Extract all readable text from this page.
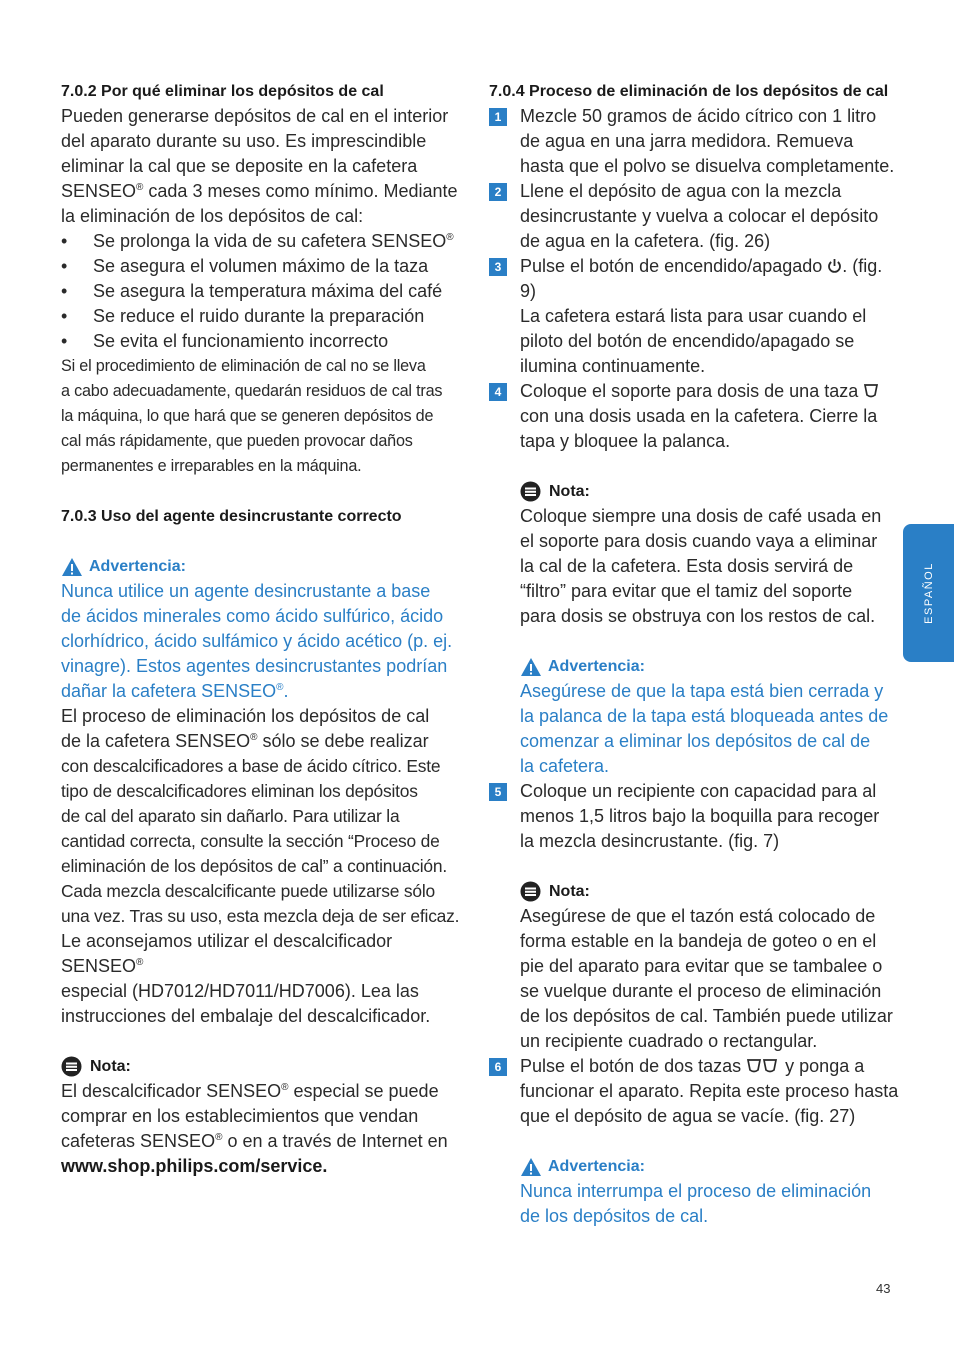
7.0.2 Por qué eliminar los depósitos de cal
Pueden generarse depósitos de cal en el interior
del aparato durante su uso. Es imprescindible
eliminar la cal que se deposite en la cafetera
SENSEO® cada 3 meses como mínimo. Mediante
la eliminación de los depósitos de cal:
•	Se prolonga la vida de su cafetera SENSEO®
•	Se asegura el volumen máximo de la taza
•	Se asegura la temperatura máxima del café
•	Se reduce el ruido durante la preparación
•	Se evita el funcionamiento incorrecto
Si el procedimiento de eliminación de cal no se lleva
a cabo adecuadamente, quedarán residuos de cal tras
la máquina, lo que hará que se generen depósitos de
cal más rápidamente, que pueden provocar daños
permanentes e irreparables en la máquina.
7.0.3 Uso del agente desincrustante correcto
Advertencia:
Nunca utilice un agente desincrustante a base
de ácidos minerales como ácido sulfúrico, ácido
clorhídrico, ácido sulfámico y ácido acético (p. ej.
vinagre). Estos agentes desincrustantes podrían
dañar la cafetera SENSEO®.
El proceso de eliminación los depósitos de cal
de la cafetera SENSEO® sólo se debe realizar
con descalcificadores a base de ácido cítrico. Este
tipo de descalcificadores eliminan los depósitos
de cal del aparato sin dañarlo. Para utilizar la
cantidad correcta, consulte la sección “Proceso de
eliminación de los depósitos de cal” a continuación.
Cada mezcla descalcificante puede utilizarse sólo
una vez. Tras su uso, esta mezcla deja de ser eficaz.
Le aconsejamos utilizar el descalcificador SENSEO®
especial (HD7012/HD7011/HD7006). Lea las
instrucciones del embalaje del descalcificador.
Nota:
El descalcificador SENSEO® especial se puede
comprar en los establecimientos que vendan
cafeteras SENSEO® o en a través de Internet en
www.shop.philips.com/service.
7.0.4 Proceso de eliminación de los depósitos de cal
1	Mezcle 50 gramos de ácido cítrico con 1 litro
de agua en una jarra medidora. Remueva
hasta que el polvo se disuelva completamente.
2	Llene el depósito de agua con la mezcla
desincrustante y vuelva a colocar el depósito
de agua en la cafetera. (fig. 26)
3	Pulse el botón de encendido/apagado . (fig. 9)
La cafetera estará lista para usar cuando el
piloto del botón de encendido/apagado se
ilumina continuamente.
4	Coloque el soporte para dosis de una taza
con una dosis usada en la cafetera. Cierre la
tapa y bloquee la palanca.
Nota:
Coloque siempre una dosis de café usada en
el soporte para dosis cuando vaya a eliminar
la cal de la cafetera. Esta dosis servirá de
“filtro” para evitar que el tamiz del soporte
para dosis se obstruya con los restos de cal.
Advertencia:
Asegúrese de que la tapa está bien cerrada y
la palanca de la tapa está bloqueada antes de
comenzar a eliminar los depósitos de cal de
la cafetera.
5	Coloque un recipiente con capacidad para al
menos 1,5 litros bajo la boquilla para recoger
la mezcla desincrustante. (fig. 7)
Nota:
Asegúrese de que el tazón está colocado de
forma estable en la bandeja de goteo o en el
pie del aparato para evitar que se tambalee o
se vuelque durante el proceso de eliminación
de los depósitos de cal. También puede utilizar
un recipiente cuadrado o rectangular.
6	Pulse el botón de dos tazas  y ponga a
funcionar el aparato. Repita este proceso hasta
que el depósito de agua se vacíe. (fig. 27)
Advertencia:
Nunca interrumpa el proceso de eliminación
de los depósitos de cal.
ESPAÑOL
43
